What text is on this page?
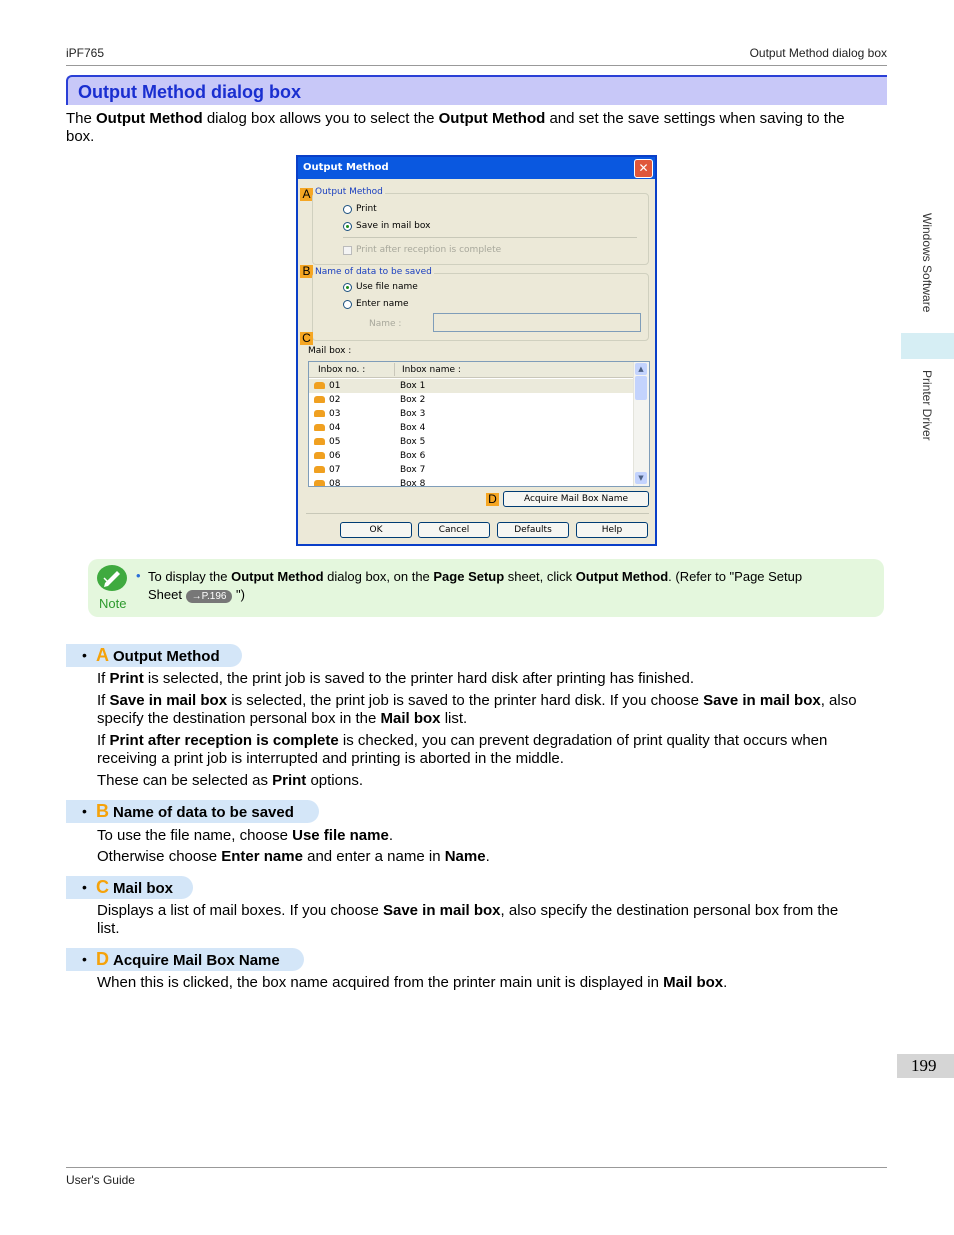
iPF765	Output Method dialog box
Output Method dialog box
The Output Method dialog box allows you to select the Output Method and set the save settings when saving to the
box.
Windows Software
Printer Driver
Output Method	✕
A Output Method
Print
Save in mail box
Print after reception is complete
B Name of data to be saved
Use file name
Enter name
Name :
C
Mail box :
Inbox no. :	Inbox name :
01	Box 1
02	Box 2
03	Box 3
04	Box 4
05	Box 5
06	Box 6
07	Box 7
08	Box 8
▲
▼
D	Acquire Mail Box Name
OK	Cancel	Defaults	Help
Note
• To display the Output Method dialog box, on the Page Setup sheet, click Output Method. (Refer to "Page Setup
Sheet →P.196 ")
• A Output Method
If Print is selected, the print job is saved to the printer hard disk after printing has finished.
If Save in mail box is selected, the print job is saved to the printer hard disk. If you choose Save in mail box, also
specify the destination personal box in the Mail box list.
If Print after reception is complete is checked, you can prevent degradation of print quality that occurs when
receiving a print job is interrupted and printing is aborted in the middle.
These can be selected as Print options.
• B Name of data to be saved
To use the file name, choose Use file name.
Otherwise choose Enter name and enter a name in Name.
• C Mail box
Displays a list of mail boxes. If you choose Save in mail box, also specify the destination personal box from the
list.
• D Acquire Mail Box Name
When this is clicked, the box name acquired from the printer main unit is displayed in Mail box.
199
User's Guide
